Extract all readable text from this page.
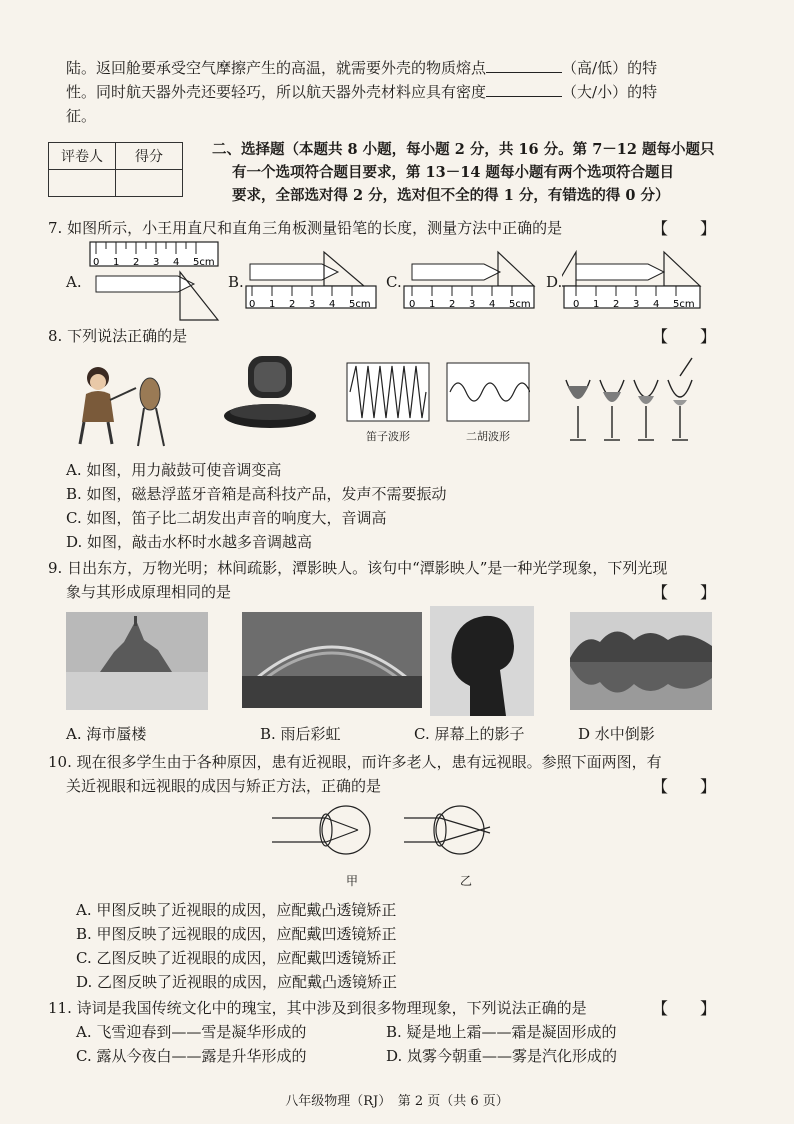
陆。返回舱要承受空气摩擦产生的高温，就需要外壳的物质熔点	（高/低）的特
性。同时航天器外壳还要轻巧，所以航天器外壳材料应具有密度	（大/小）的特
征。
评卷人	得分
		二、选择题（本题共 8 小题，每小题 2 分，共 16 分。第 7－12 题每小题只
有一个选项符合题目要求，第 13－14 题每小题有两个选项符合题目
要求，全部选对得 2 分，选对但不全的得 1 分，有错选的得 0 分）
7. 如图所示，小王用直尺和直角三角板测量铅笔的长度，测量方法中正确的是	【　　】
A.
0 1 2 3 4 5cm
B.
0 1 2 3 4 5cm
C.
0 1 2 3 4 5cm
D.
0 1 2 3 4 5cm
8. 下列说法正确的是	【　　】
笛子波形	二胡波形
A. 如图，用力敲鼓可使音调变高
B. 如图，磁悬浮蓝牙音箱是高科技产品，发声不需要振动
C. 如图，笛子比二胡发出声音的响度大，音调高
D. 如图，敲击水杯时水越多音调越高
9. 日出东方，万物光明；林间疏影，潭影映人。该句中“潭影映人”是一种光学现象，下列光现
象与其形成原理相同的是	【　　】
A. 海市蜃楼	B. 雨后彩虹	C. 屏幕上的影子	D 水中倒影
10. 现在很多学生由于各种原因，患有近视眼，而许多老人，患有远视眼。参照下面两图，有
关近视眼和远视眼的成因与矫正方法，正确的是	【　　】
甲	乙
A. 甲图反映了近视眼的成因，应配戴凸透镜矫正
B. 甲图反映了远视眼的成因，应配戴凹透镜矫正
C. 乙图反映了近视眼的成因，应配戴凹透镜矫正
D. 乙图反映了近视眼的成因，应配戴凸透镜矫正
11. 诗词是我国传统文化中的瑰宝，其中涉及到很多物理现象，下列说法正确的是	【　　】
A. 飞雪迎春到——雪是凝华形成的	B. 疑是地上霜——霜是凝固形成的
C. 露从今夜白——露是升华形成的	D. 岚雾今朝重——雾是汽化形成的
八年级物理（RJ）　第 2 页（共 6 页）
